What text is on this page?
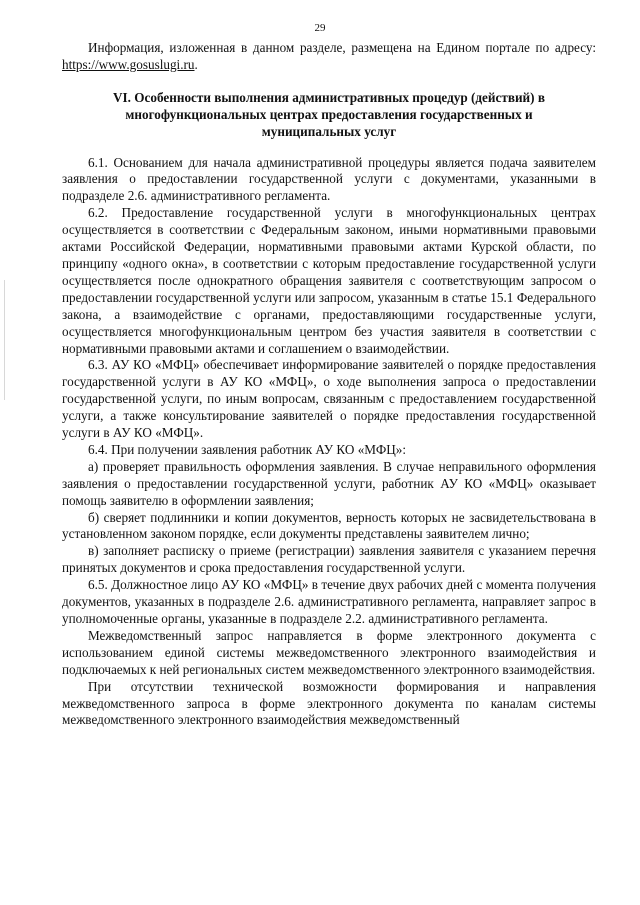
29

Информация, изложенная в данном разделе, размещена на Едином портале по адресу: https://www.gosuslugi.ru.

VI. Особенности выполнения административных процедур (действий) в многофункциональных центрах предоставления государственных и муниципальных услуг

6.1. Основанием для начала административной процедуры является подача заявителем заявления о предоставлении государственной услуги с документами, указанными в подразделе 2.6. административного регламента.

6.2. Предоставление государственной услуги в многофункциональных центрах осуществляется в соответствии с Федеральным законом, иными нормативными правовыми актами Российской Федерации, нормативными правовыми актами Курской области, по принципу «одного окна», в соответствии с которым предоставление государственной услуги осуществляется после однократного обращения заявителя с соответствующим запросом о предоставлении государственной услуги или запросом, указанным в статье 15.1 Федерального закона, а взаимодействие с органами, предоставляющими государственные услуги, осуществляется многофункциональным центром без участия заявителя в соответствии с нормативными правовыми актами и соглашением о взаимодействии.

6.3. АУ КО «МФЦ» обеспечивает информирование заявителей о порядке предоставления государственной услуги в АУ КО «МФЦ», о ходе выполнения запроса о предоставлении государственной услуги, по иным вопросам, связанным с предоставлением государственной услуги, а также консультирование заявителей о порядке предоставления государственной услуги в АУ КО «МФЦ».

6.4. При получении заявления работник АУ КО «МФЦ»:

а) проверяет правильность оформления заявления. В случае неправильного оформления заявления о предоставлении государственной услуги, работник АУ КО «МФЦ» оказывает помощь заявителю в оформлении заявления;

б) сверяет подлинники и копии документов, верность которых не засвидетельствована в установленном законом порядке, если документы представлены заявителем лично;

в) заполняет расписку о приеме (регистрации) заявления заявителя с указанием перечня принятых документов и срока предоставления государственной услуги.

6.5. Должностное лицо АУ КО «МФЦ» в течение двух рабочих дней с момента получения документов, указанных в подразделе 2.6. административного регламента, направляет запрос в уполномоченные органы, указанные в подразделе 2.2. административного регламента.

Межведомственный запрос направляется в форме электронного документа с использованием единой системы межведомственного электронного взаимодействия и подключаемых к ней региональных систем межведомственного электронного взаимодействия.

При отсутствии технической возможности формирования и направления межведомственного запроса в форме электронного документа по каналам системы межведомственного электронного взаимодействия межведомственный
